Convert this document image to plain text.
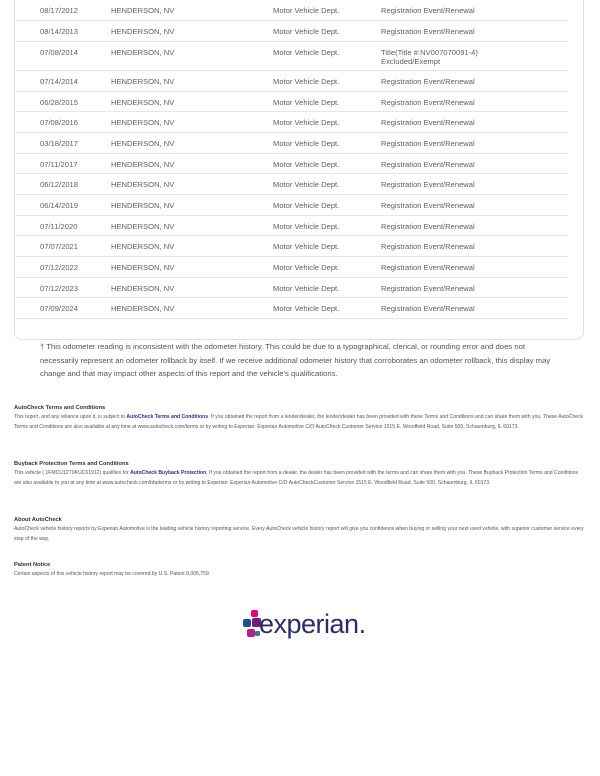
08/17/2012	HENDERSON, NV	Motor Vehicle Dept.	Registration Event/Renewal
08/14/2013	HENDERSON, NV	Motor Vehicle Dept.	Registration Event/Renewal
07/08/2014	HENDERSON, NV	Motor Vehicle Dept.	Title(Title #:NV007070091-4)
Excluded/Exempt
07/14/2014	HENDERSON, NV	Motor Vehicle Dept.	Registration Event/Renewal
06/28/2015	HENDERSON, NV	Motor Vehicle Dept.	Registration Event/Renewal
07/08/2016	HENDERSON, NV	Motor Vehicle Dept.	Registration Event/Renewal
03/18/2017	HENDERSON, NV	Motor Vehicle Dept.	Registration Event/Renewal
07/11/2017	HENDERSON, NV	Motor Vehicle Dept.	Registration Event/Renewal
06/12/2018	HENDERSON, NV	Motor Vehicle Dept.	Registration Event/Renewal
06/14/2019	HENDERSON, NV	Motor Vehicle Dept.	Registration Event/Renewal
07/11/2020	HENDERSON, NV	Motor Vehicle Dept.	Registration Event/Renewal
07/07/2021	HENDERSON, NV	Motor Vehicle Dept.	Registration Event/Renewal
07/12/2022	HENDERSON, NV	Motor Vehicle Dept.	Registration Event/Renewal
07/12/2023	HENDERSON, NV	Motor Vehicle Dept.	Registration Event/Renewal
07/09/2024	HENDERSON, NV	Motor Vehicle Dept.	Registration Event/Renewal
† This odometer reading is inconsistent with the odometer history. This could be due to a typographical, clerical, or rounding error and does not necessarily represent an odometer rollback by itself. If we receive additional odometer history that corroborates an odometer rollback, this display may change and that may impact other aspects of this report and the vehicle's qualifications.
AutoCheck Terms and Conditions

This report, and any reliance upon it, is subject to AutoCheck Terms and Conditions. If you obtained the report from a lender/dealer, the lender/dealer has been provided with these Terms and Conditions and can share them with you. These AutoCheck Terms and Conditions are also available at any time at www.autocheck.com/terms or by writing to Experian: Experian Automotive C/O AutoCheck Customer Service 1515 E. Woodfield Road, Suite 500, Schaumburg, IL 60173.

Buyback Protection Terms and Conditions

This vehicle ( 1FMCU12T0KUC61912) qualifies for AutoCheck Buyback Protection. If you obtained the report from a dealer, the dealer has been provided with the terms and can share them with you. These Buyback Protection Terms and Conditions are also available to you at any time at www.autocheck.com/bbpterms or by writing to Experian: Experian Automotive C/O AutoCheckCustomer Service 1515 E. Woodfield Road, Suite 500, Schaumburg, IL 60173.

About AutoCheck

AutoCheck vehicle history reports by Experian Automotive is the leading vehicle history reporting service. Every AutoCheck vehicle history report will give you confidence when buying or selling your next used vehicle, with superior customer service every step of the way.

Patent Notice

Certain aspects of this vehicle history report may be covered by U.S. Patent 8,005,759.

experian.
